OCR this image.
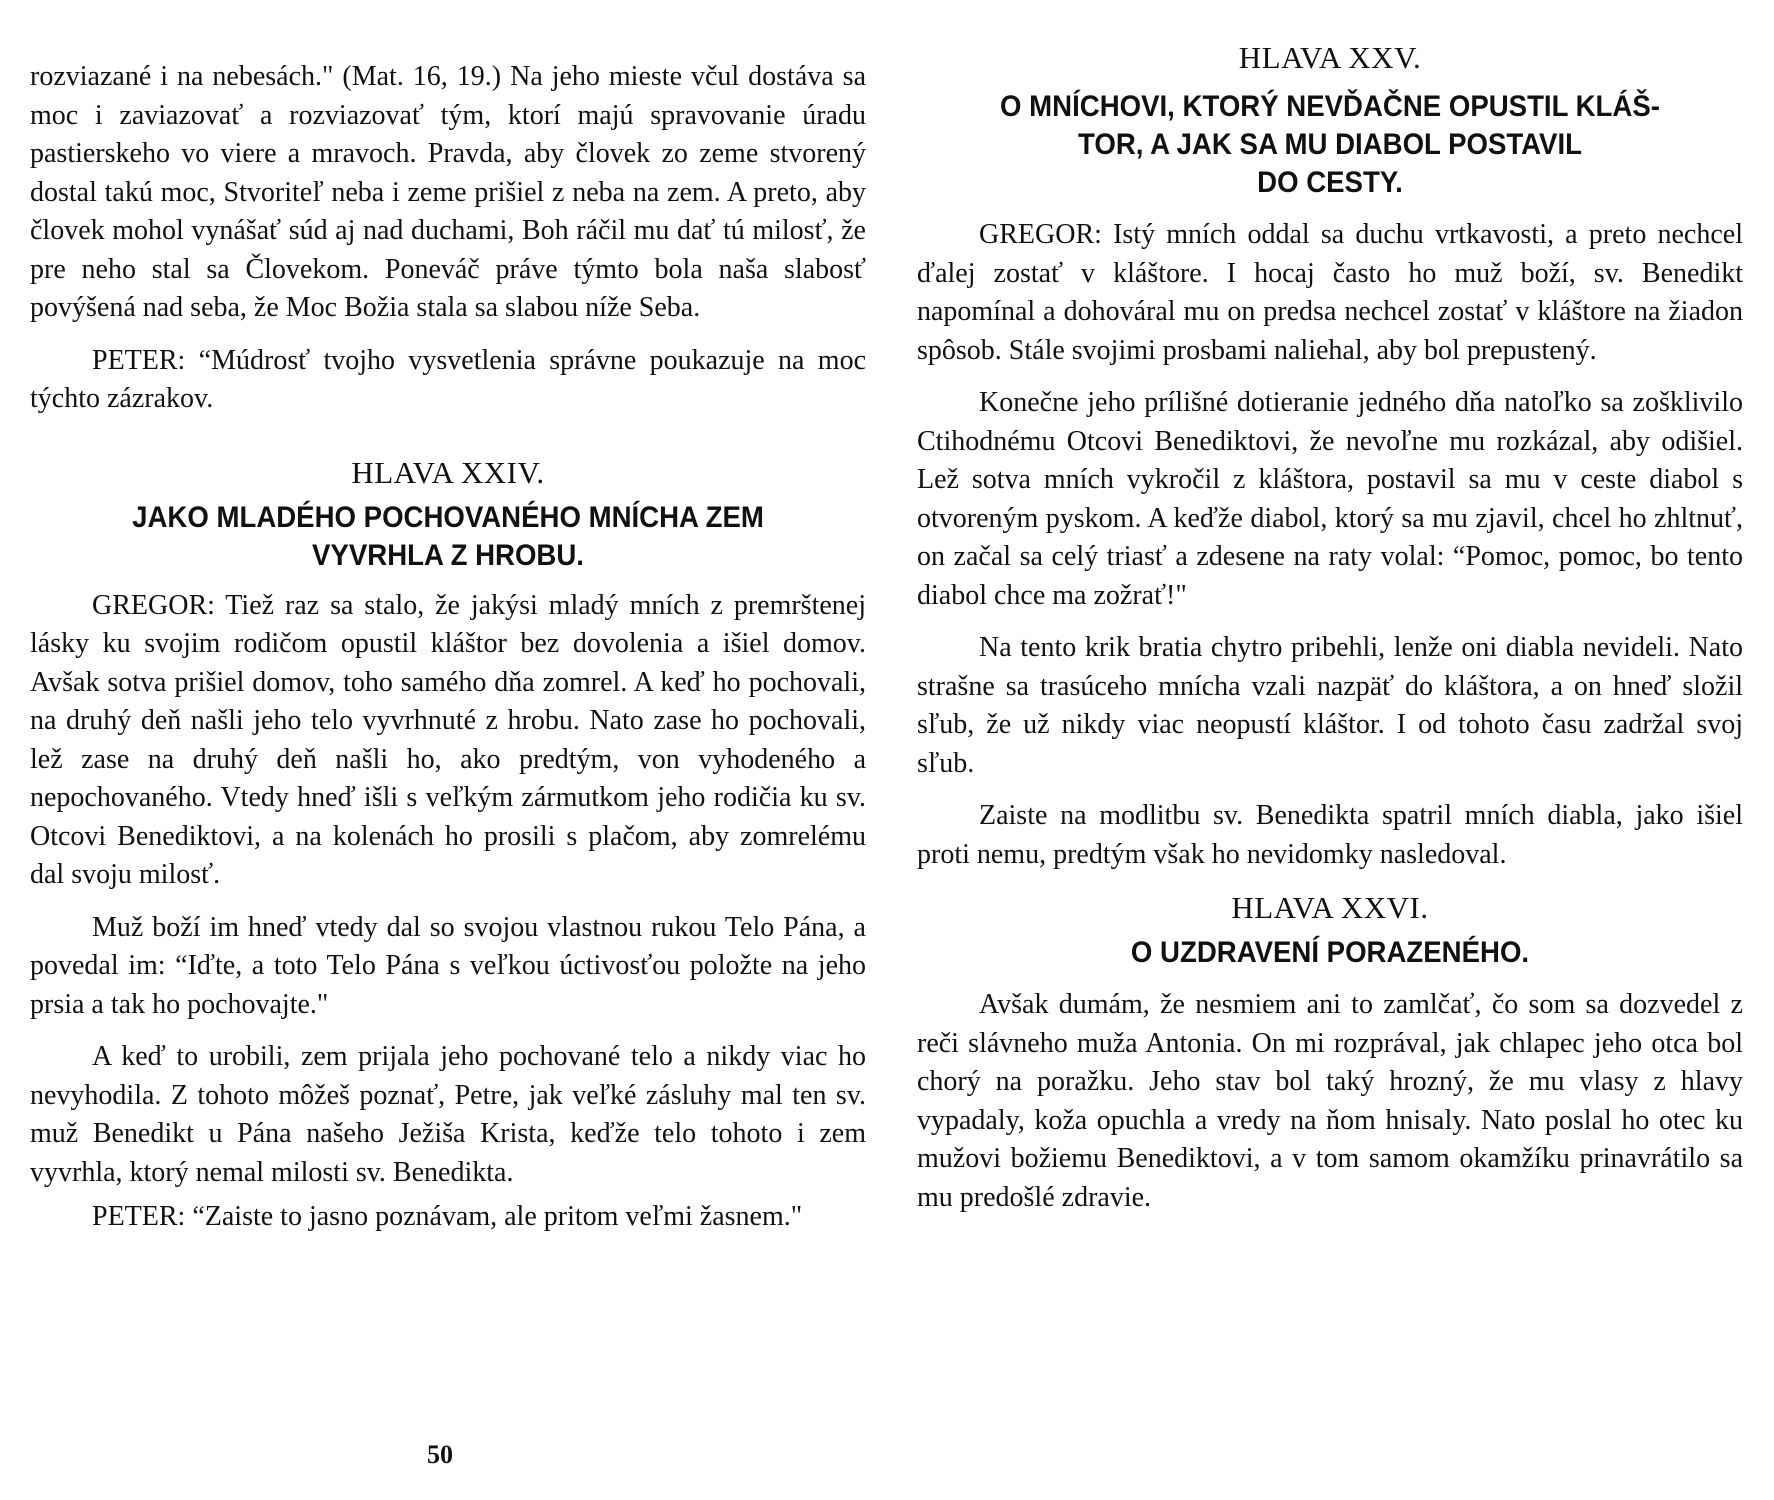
rozviazané i na nebesách." (Mat. 16, 19.) Na jeho mieste včul dostáva sa moc i zaviazovať a rozviazovať tým, ktorí majú spravovanie úradu pastierskeho vo viere a mravoch. Pravda, aby človek zo zeme stvorený dostal takú moc, Stvoriteľ neba i zeme prišiel z neba na zem. A preto, aby človek mohol vynášať súd aj nad duchami, Boh ráčil mu dať tú milosť, že pre neho stal sa Človekom. Poneváč práve týmto bola naša slabosť povýšená nad seba, že Moc Božia stala sa slabou níže Seba.

PETER: “Múdrosť tvojho vysvetlenia správne poukazuje na moc týchto zázrakov.

HLAVA XXIV.
JAKO MLADÉHO POCHOVANÉHO MNÍCHA ZEM VYVRHLA Z HROBU.

GREGOR: Tiež raz sa stalo, že jakýsi mladý mních z premrštenej lásky ku svojim rodičom opustil kláštor bez dovolenia a išiel domov. Avšak sotva prišiel domov, toho samého dňa zomrel. A keď ho pochovali, na druhý deň našli jeho telo vyvrhnuté z hrobu. Nato zase ho pochovali, lež zase na druhý deň našli ho, ako predtým, von vyhodeného a nepochovaného. Vtedy hneď išli s veľkým zármutkom jeho rodičia ku sv. Otcovi Benediktovi, a na kolenách ho prosili s plačom, aby zomrelému dal svoju milosť.

Muž boží im hneď vtedy dal so svojou vlastnou rukou Telo Pána, a povedal im: “Iďte, a toto Telo Pána s veľkou úctivosťou položte na jeho prsia a tak ho pochovajte."

A keď to urobili, zem prijala jeho pochované telo a nikdy viac ho nevyhodila. Z tohoto môžeš poznať, Petre, jak veľké zásluhy mal ten sv. muž Benedikt u Pána našeho Ježiša Krista, keďže telo tohoto i zem vyvrhla, ktorý nemal milosti sv. Benedikta.

PETER: “Zaiste to jasno poznávam, ale pritom veľmi žasnem."

50
HLAVA XXV.
O MNÍCHOVI, KTORÝ NEVĎAČNE OPUSTIL KLÁŠ-
TOR, A JAK SA MU DIABOL POSTAVIL
DO CESTY.

GREGOR: Istý mních oddal sa duchu vrtkavosti, a preto nechcel ďalej zostať v kláštore. I hocaj často ho muž boží, sv. Benedikt napomínal a dohováral mu on predsa nechcel zostať v kláštore na žiadon spôsob. Stále svojimi prosbami naliehal, aby bol prepustený.

Konečne jeho prílišné dotieranie jedného dňa natoľko sa zošklivilo Ctihodnému Otcovi Benediktovi, že nevoľne mu rozkázal, aby odišiel. Lež sotva mních vykročil z kláštora, postavil sa mu v ceste diabol s otvoreným pyskom. A keďže diabol, ktorý sa mu zjavil, chcel ho zhltnuť, on začal sa celý triasť a zdesene na raty volal: “Pomoc, pomoc, bo tento diabol chce ma zožrať!"

Na tento krik bratia chytro pribehli, lenže oni diabla nevideli. Nato strašne sa trasúceho mnícha vzali nazpäť do kláštora, a on hneď složil sľub, že už nikdy viac neopustí kláštor. I od tohoto času zadržal svoj sľub.

Zaiste na modlitbu sv. Benedikta spatril mních diabla, jako išiel proti nemu, predtým však ho nevidomky nasledoval.

HLAVA XXVI.
O UZDRAVENÍ PORAZENÉHO.

Avšak dumám, že nesmiem ani to zamlčať, čo som sa dozvedel z reči slávneho muža Antonia. On mi rozprával, jak chlapec jeho otca bol chorý na poražku. Jeho stav bol taký hrozný, že mu vlasy z hlavy vypadaly, koža opuchla a vredy na ňom hnisaly. Nato poslal ho otec ku mužovi božiemu Benediktovi, a v tom samom okamžíku prinavrátilo sa mu predošlé zdravie.
